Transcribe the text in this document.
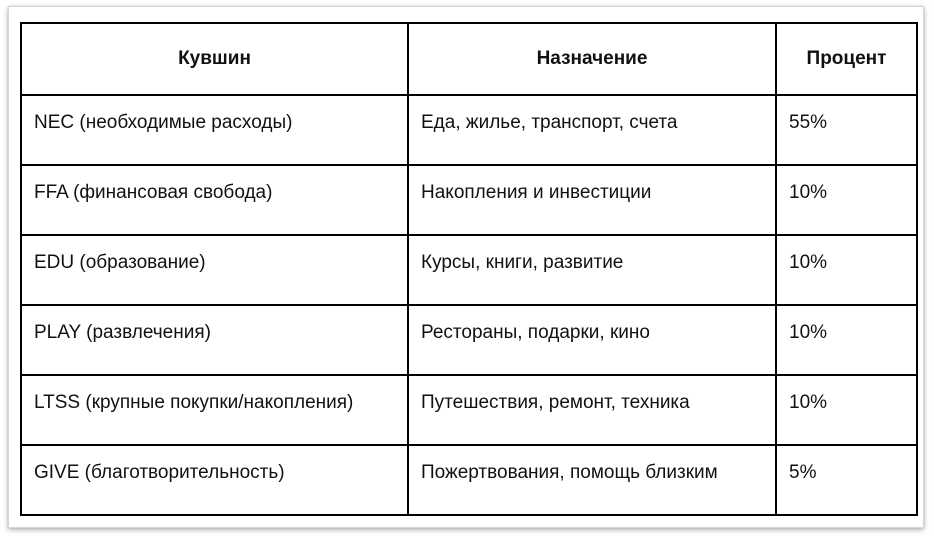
Кувшин	Назначение	Процент
NEC (необходимые расходы)	Еда, жилье, транспорт, счета	55%
FFA (финансовая свобода)	Накопления и инвестиции	10%
EDU (образование)	Курсы, книги, развитие	10%
PLAY (развлечения)	Рестораны, подарки, кино	10%
LTSS (крупные покупки/накопления)	Путешествия, ремонт, техника	10%
GIVE (благотворительность)	Пожертвования, помощь близким	5%
